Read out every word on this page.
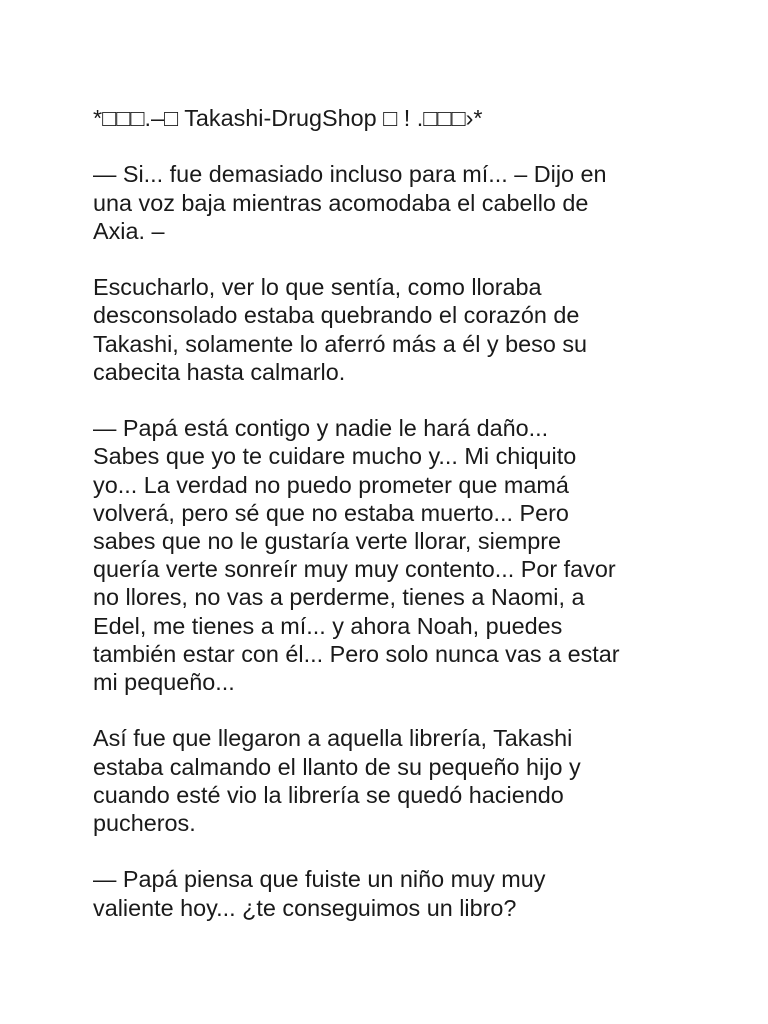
*□□□.–□ Takashi-DrugShop □ ! .□□□›*

— Si... fue demasiado incluso para mí... – Dijo en
una voz baja mientras acomodaba el cabello de
Axia. –

Escucharlo, ver lo que sentía, como lloraba
desconsolado estaba quebrando el corazón de
Takashi, solamente lo aferró más a él y beso su
cabecita hasta calmarlo.

— Papá está contigo y nadie le hará daño...
Sabes que yo te cuidare mucho y... Mi chiquito
yo... La verdad no puedo prometer que mamá
volverá, pero sé que no estaba muerto... Pero
sabes que no le gustaría verte llorar, siempre
quería verte sonreír muy muy contento... Por favor
no llores, no vas a perderme, tienes a Naomi, a
Edel, me tienes a mí... y ahora Noah, puedes
también estar con él... Pero solo nunca vas a estar
mi pequeño...

Así fue que llegaron a aquella librería, Takashi
estaba calmando el llanto de su pequeño hijo y
cuando esté vio la librería se quedó haciendo
pucheros.

— Papá piensa que fuiste un niño muy muy
valiente hoy... ¿te conseguimos un libro?
